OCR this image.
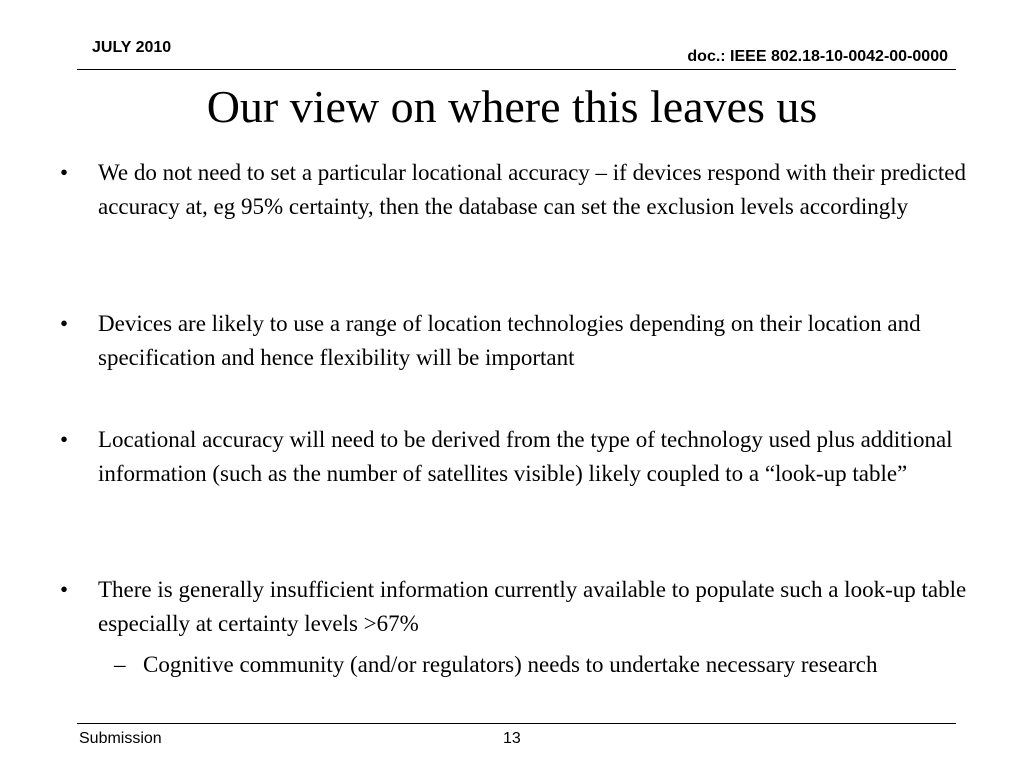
JULY 2010
doc.: IEEE 802.18-10-0042-00-0000
Our view on where this leaves us
•	We do not need to set a particular locational accuracy – if devices respond with their predicted accuracy at, eg 95% certainty, then the database can set the exclusion levels accordingly
•	Devices are likely to use a range of location technologies depending on their location and specification and hence flexibility will be important
•	Locational accuracy will need to be derived from the type of technology used plus additional information (such as the number of satellites visible) likely coupled to a “look-up table”
•	There is generally insufficient information currently available to populate such a look-up table especially at certainty levels >67%
– Cognitive community (and/or regulators) needs to undertake necessary research
Submission	13
